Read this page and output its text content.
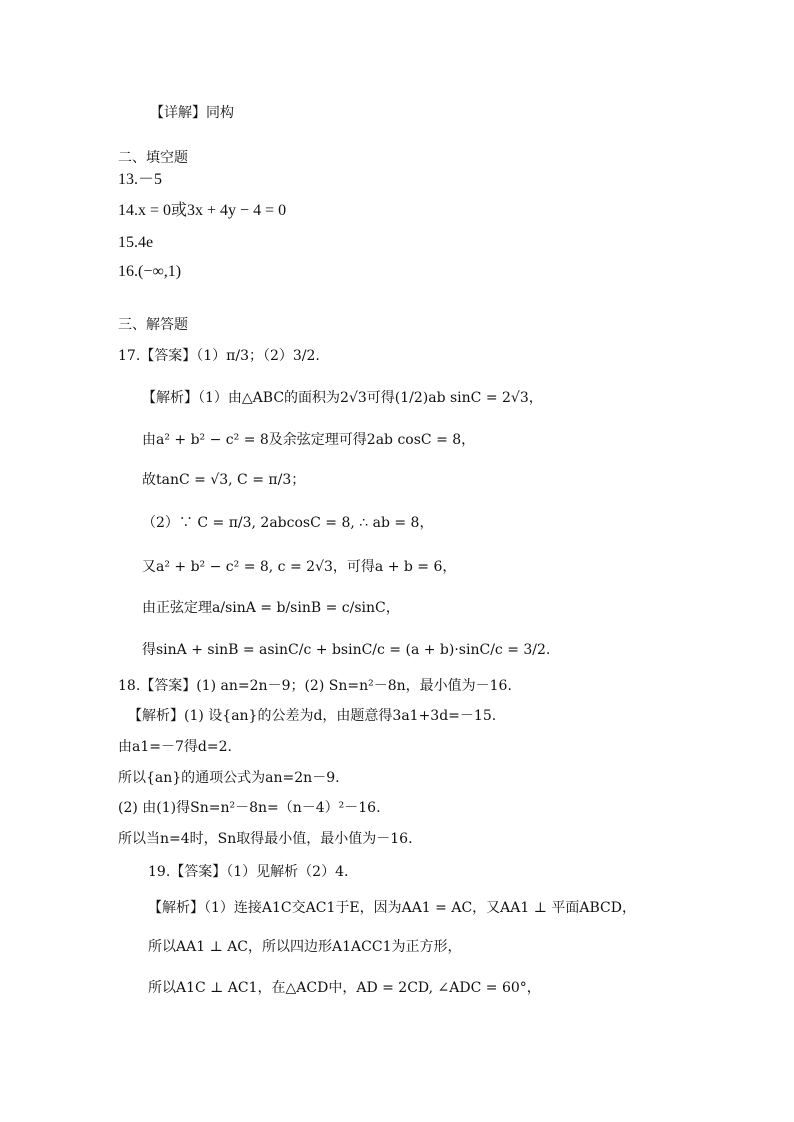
【详解】同构
二、填空题
13.－5
14.x = 0或3x + 4y − 4 = 0
15.4e
16.(−∞,1)
三、解答题
17.【答案】（1）π/3；（2）3/2.
【解析】（1）由△ABC的面积为2√3可得(1/2)ab sinC = 2√3，
由a² + b² − c² = 8及余弦定理可得2ab cosC = 8，
故tanC = √3, C = π/3；
（2）∵ C = π/3, 2abcosC = 8, ∴ ab = 8，
又a² + b² − c² = 8, c = 2√3，可得a + b = 6，
由正弦定理a/sinA = b/sinB = c/sinC，
得sinA + sinB = asinC/c + bsinC/c = (a + b)·sinC/c = 3/2.
18.【答案】(1) an=2n－9；(2) Sn=n²－8n，最小值为－16.
【解析】(1) 设{an}的公差为d，由题意得3a1+3d=－15.
由a1=－7得d=2.
所以{an}的通项公式为an=2n－9.
(2) 由(1)得Sn=n²－8n=（n－4）²－16.
所以当n=4时，Sn取得最小值，最小值为－16.
19.【答案】（1）见解析（2）4.
【解析】（1）连接A1C交AC1于E，因为AA1 = AC，又AA1 ⊥ 平面ABCD，
所以AA1 ⊥ AC，所以四边形A1ACC1为正方形，
所以A1C ⊥ AC1，在△ACD中，AD = 2CD, ∠ADC = 60°，
